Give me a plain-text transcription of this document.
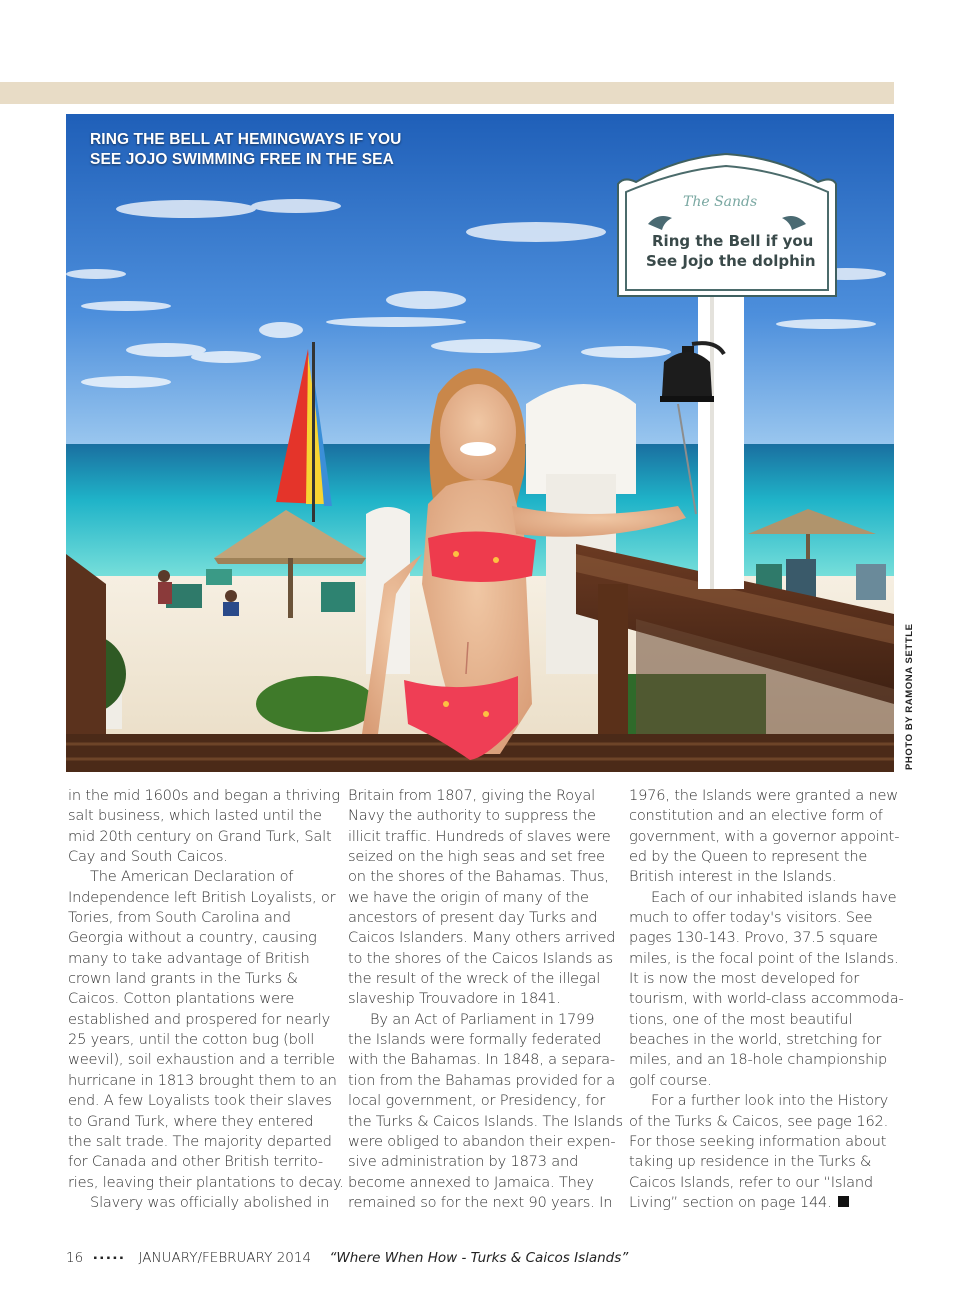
RING THE BELL AT HEMINGWAYS IF YOU
SEE JOJO SWIMMING FREE IN THE SEA
The Sands
Ring the Bell if you
See Jojo the dolphin
PHOTO BY RAMONA SETTLE
in the mid 1600s and began a thriving
salt business, which lasted until the
mid 20th century on Grand Turk, Salt
Cay and South Caicos.
The American Declaration of
Independence left British Loyalists, or
Tories, from South Carolina and
Georgia without a country, causing
many to take advantage of British
crown land grants in the Turks &
Caicos. Cotton plantations were
established and prospered for nearly
25 years, until the cotton bug (boll
weevil), soil exhaustion and a terrible
hurricane in 1813 brought them to an
end. A few Loyalists took their slaves
to Grand Turk, where they entered
the salt trade. The majority departed
for Canada and other British territo-
ries, leaving their plantations to decay.
Slavery was officially abolished in
Britain from 1807, giving the Royal
Navy the authority to suppress the
illicit traffic. Hundreds of slaves were
seized on the high seas and set free
on the shores of the Bahamas. Thus,
we have the origin of many of the
ancestors of present day Turks and
Caicos Islanders. Many others arrived
to the shores of the Caicos Islands as
the result of the wreck of the illegal
slaveship Trouvadore in 1841.
By an Act of Parliament in 1799
the Islands were formally federated
with the Bahamas. In 1848, a separa-
tion from the Bahamas provided for a
local government, or Presidency, for
the Turks & Caicos Islands. The Islands
were obliged to abandon their expen-
sive administration by 1873 and
become annexed to Jamaica. They
remained so for the next 90 years. In
1976, the Islands were granted a new
constitution and an elective form of
government, with a governor appoint-
ed by the Queen to represent the
British interest in the Islands.
Each of our inhabited islands have
much to offer today's visitors. See
pages 130-143. Provo, 37.5 square
miles, is the focal point of the Islands.
It is now the most developed for
tourism, with world-class accommoda-
tions, one of the most beautiful
beaches in the world, stretching for
miles, and an 18-hole championship
golf course.
For a further look into the History
of the Turks & Caicos, see page 162.
For those seeking information about
taking up residence in the Turks &
Caicos Islands, refer to our “Island
Living” section on page 144.
16 ▪▪▪▪▪ JANUARY/FEBRUARY 2014 “Where When How - Turks & Caicos Islands”
